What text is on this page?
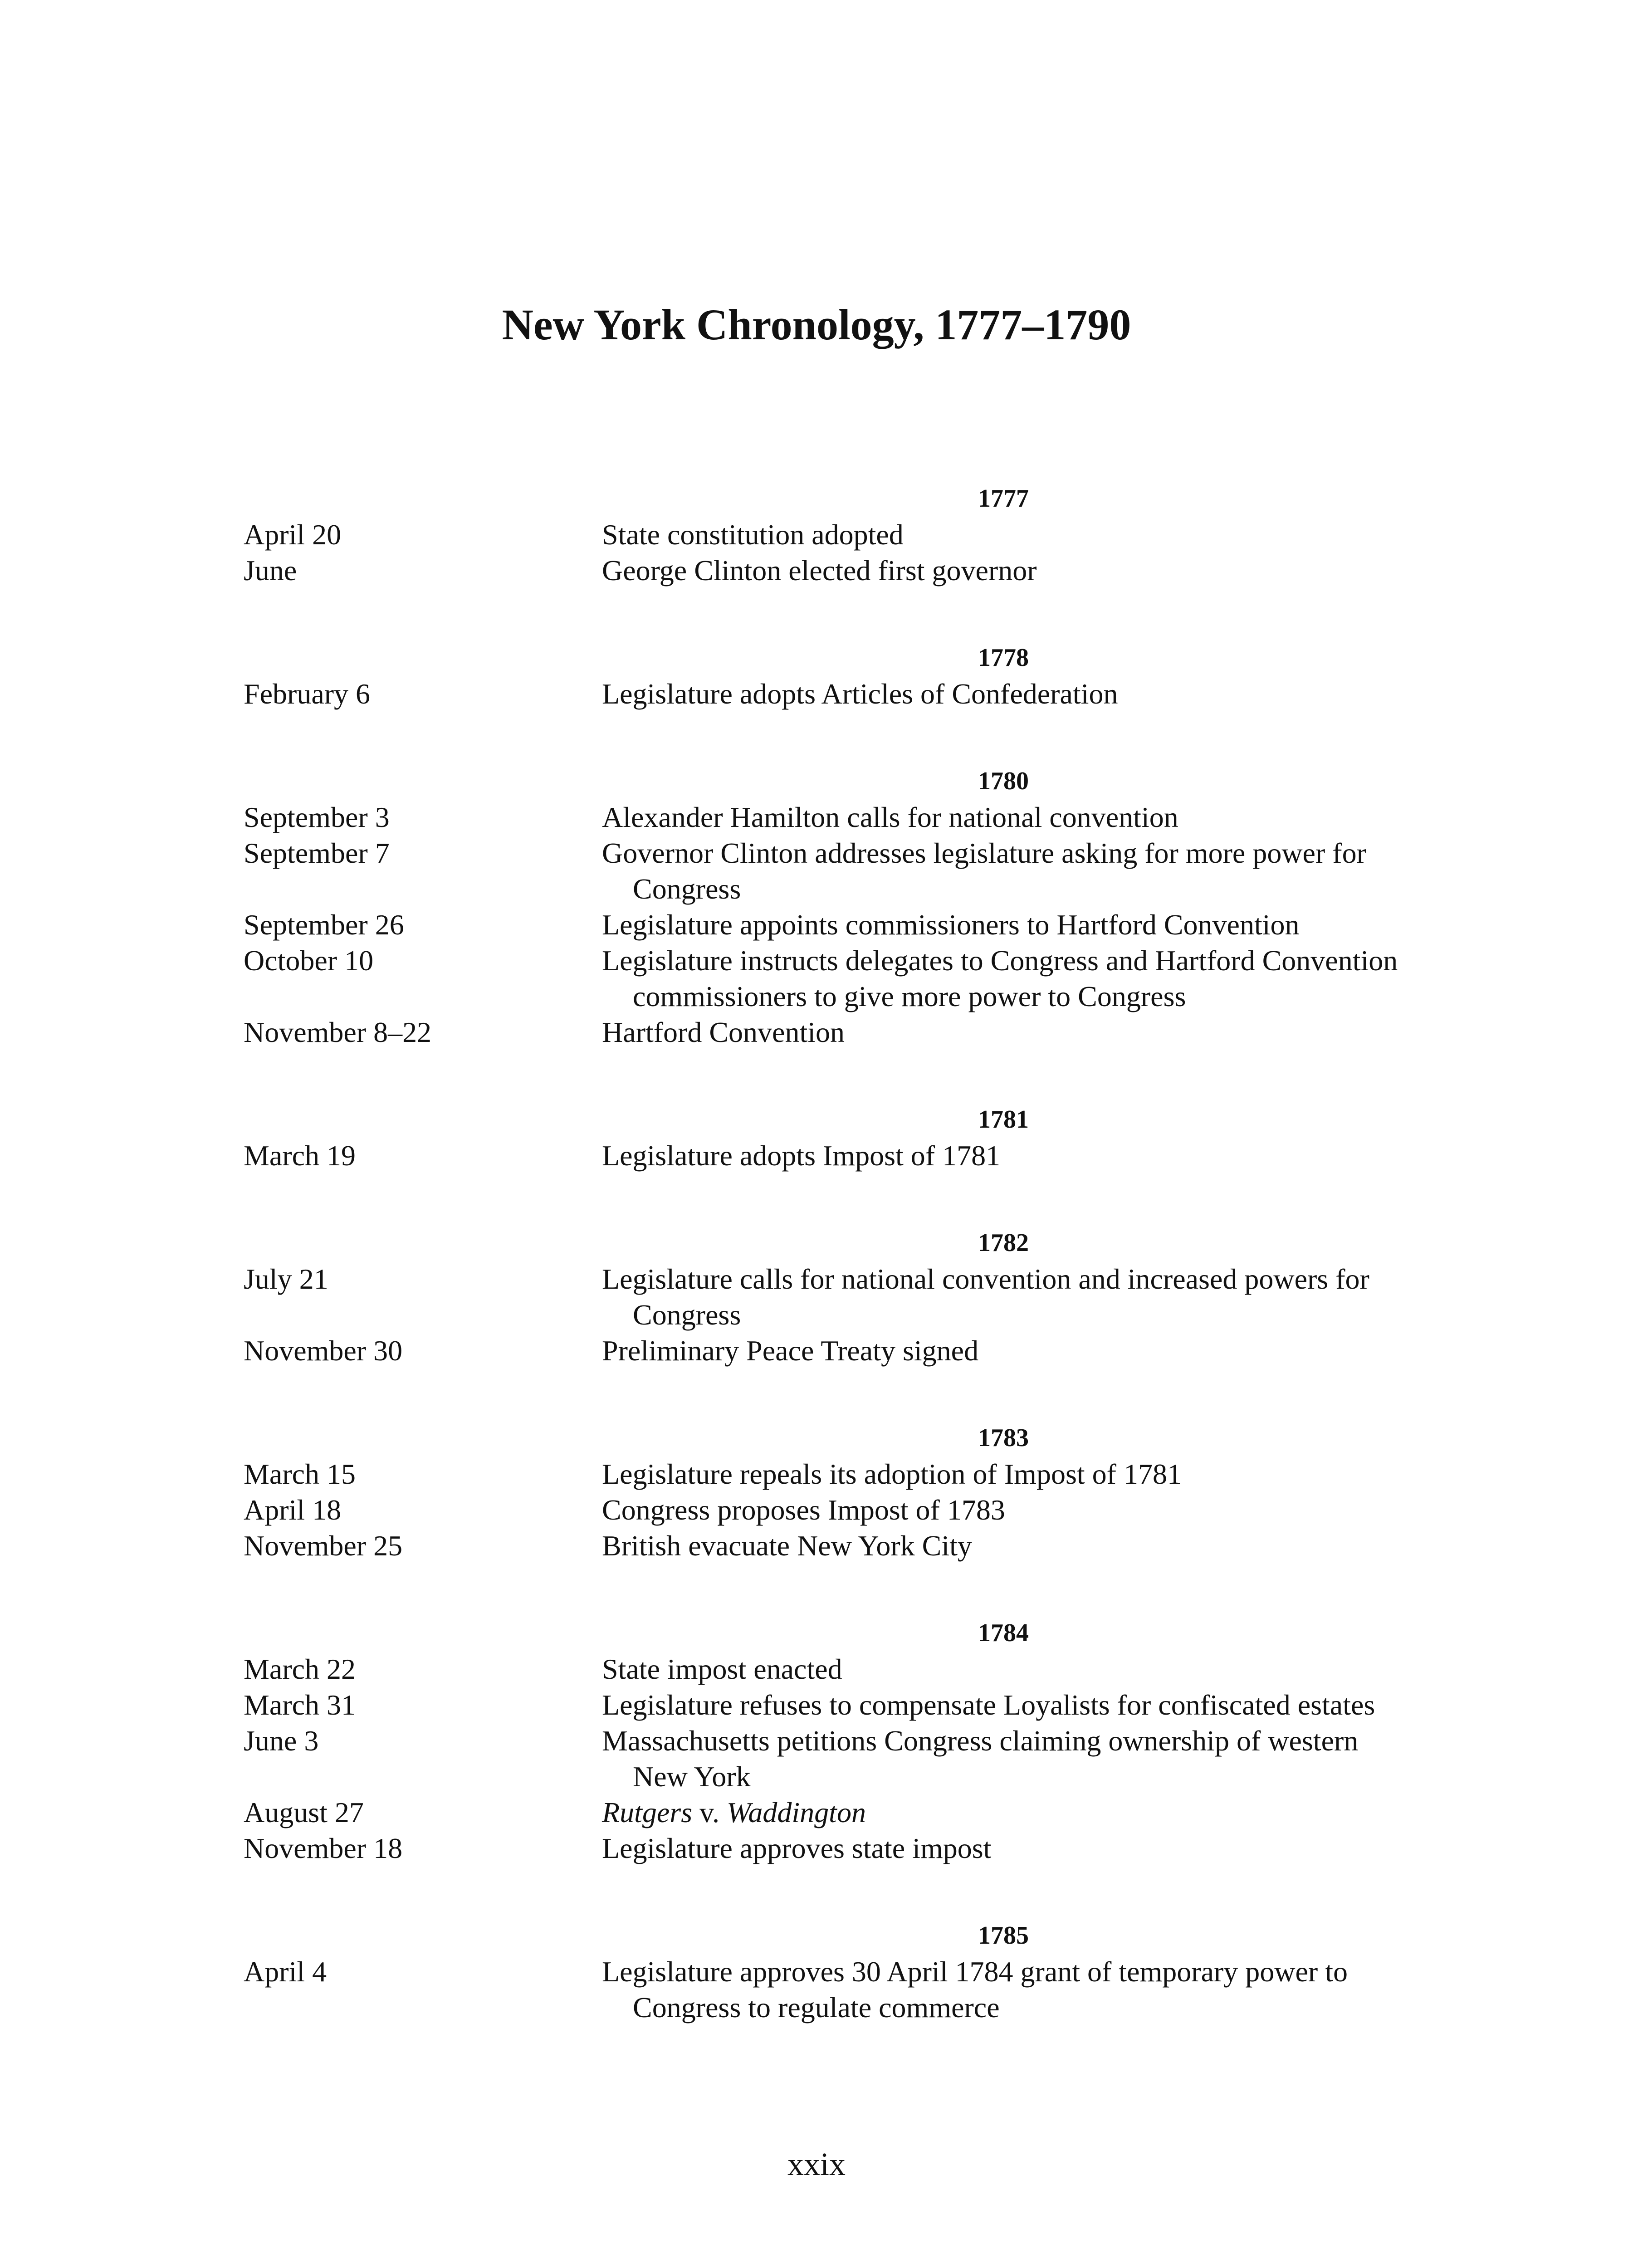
New York Chronology, 1777–1790
1777
April 20	State constitution adopted
June	George Clinton elected first governor
1778
February 6	Legislature adopts Articles of Confederation
1780
September 3	Alexander Hamilton calls for national convention
September 7	Governor Clinton addresses legislature asking for more power for Congress
September 26	Legislature appoints commissioners to Hartford Convention
October 10	Legislature instructs delegates to Congress and Hartford Convention commissioners to give more power to Congress
November 8–22	Hartford Convention
1781
March 19	Legislature adopts Impost of 1781
1782
July 21	Legislature calls for national convention and increased powers for Congress
November 30	Preliminary Peace Treaty signed
1783
March 15	Legislature repeals its adoption of Impost of 1781
April 18	Congress proposes Impost of 1783
November 25	British evacuate New York City
1784
March 22	State impost enacted
March 31	Legislature refuses to compensate Loyalists for confiscated estates
June 3	Massachusetts petitions Congress claiming ownership of western New York
August 27	Rutgers v. Waddington
November 18	Legislature approves state impost
1785
April 4	Legislature approves 30 April 1784 grant of temporary power to Congress to regulate commerce
xxix
